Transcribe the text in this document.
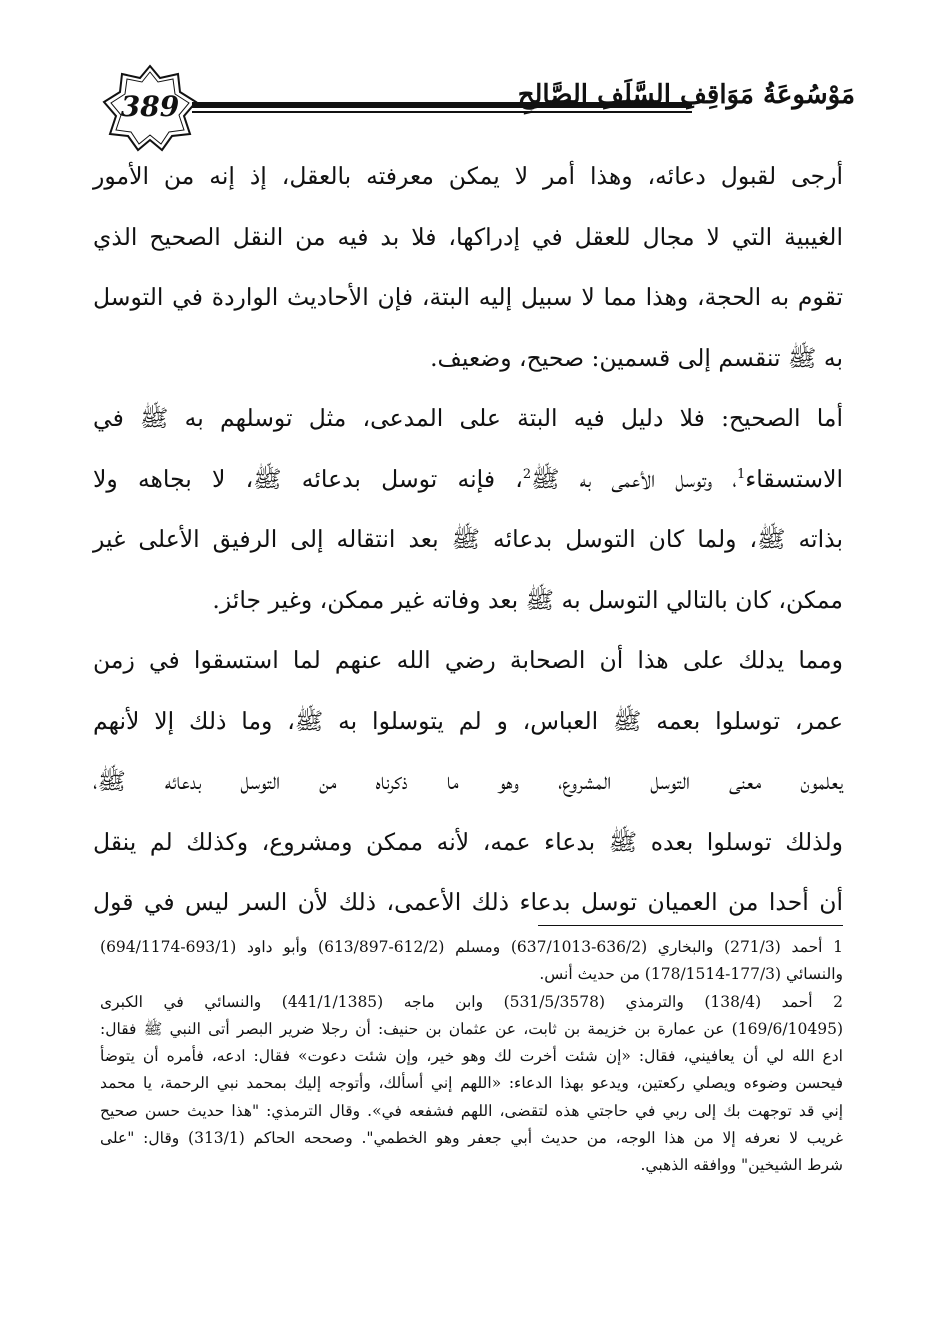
389	مَوْسُوعَةُ مَوَاقِفِ السَّلَفِ الصَّالِحِ

أرجى لقبول دعائه، وهذا أمر لا يمكن معرفته بالعقل، إذ إنه من الأمور

الغيبية التي لا مجال للعقل في إدراكها، فلا بد فيه من النقل الصحيح الذي

تقوم به الحجة، وهذا مما لا سبيل إليه البتة، فإن الأحاديث الواردة في التوسل

به ﷺ تنقسم إلى قسمين: صحيح، وضعيف.

أما الصحيح: فلا دليل فيه البتة على المدعى، مثل توسلهم به ﷺ في

الاستسقاء$^1$، وتوسل الأعمى به ﷺ$^2$، فإنه توسل بدعائه ﷺ، لا بجاهه ولا

بذاته ﷺ، ولما كان التوسل بدعائه ﷺ بعد انتقاله إلى الرفيق الأعلى غير

ممكن، كان بالتالي التوسل به ﷺ بعد وفاته غير ممكن، وغير جائز.

ومما يدلك على هذا أن الصحابة رضي الله عنهم لما استسقوا في زمن

عمر، توسلوا بعمه ﷺ العباس، و لم يتوسلوا به ﷺ، وما ذلك إلا لأنهم

يعلمون معنى التوسل المشروع، وهو ما ذكرناه من التوسل بدعائه ﷺ،

ولذلك توسلوا بعده ﷺ بدعاء عمه، لأنه ممكن ومشروع، وكذلك لم ينقل

أن أحدا من العميان توسل بدعاء ذلك الأعمى، ذلك لأن السر ليس في قول

1 أحمد (271/3) والبخاري (636/2-637/1013) ومسلم (612/2-613/897) وأبو داود (693/1-694/1174)

والنسائي (177/3-178/1514) من حديث أنس.

2 أحمد (138/4) والترمذي (531/5/3578) وابن ماجه (441/1/1385) والنسائي في الكبرى

(169/6/10495) عن عمارة بن خزيمة بن ثابت، عن عثمان بن حنيف: أن رجلا ضرير البصر أتى النبي ﷺ فقال:

ادع الله لي أن يعافيني، فقال: «إن شئت أخرت لك وهو خير، وإن شئت دعوت» فقال: ادعه، فأمره أن يتوضأ

فيحسن وضوءه ويصلي ركعتين، ويدعو بهذا الدعاء: «اللهم إني أسألك، وأتوجه إليك بمحمد نبي الرحمة، يا محمد

إني قد توجهت بك إلى ربي في حاجتي هذه لتقضى، اللهم فشفعه في». وقال الترمذي: "هذا حديث حسن صحيح

غريب لا نعرفه إلا من هذا الوجه، من حديث أبي جعفر وهو الخطمي". وصححه الحاكم (313/1) وقال: "على

شرط الشيخين" ووافقه الذهبي.
